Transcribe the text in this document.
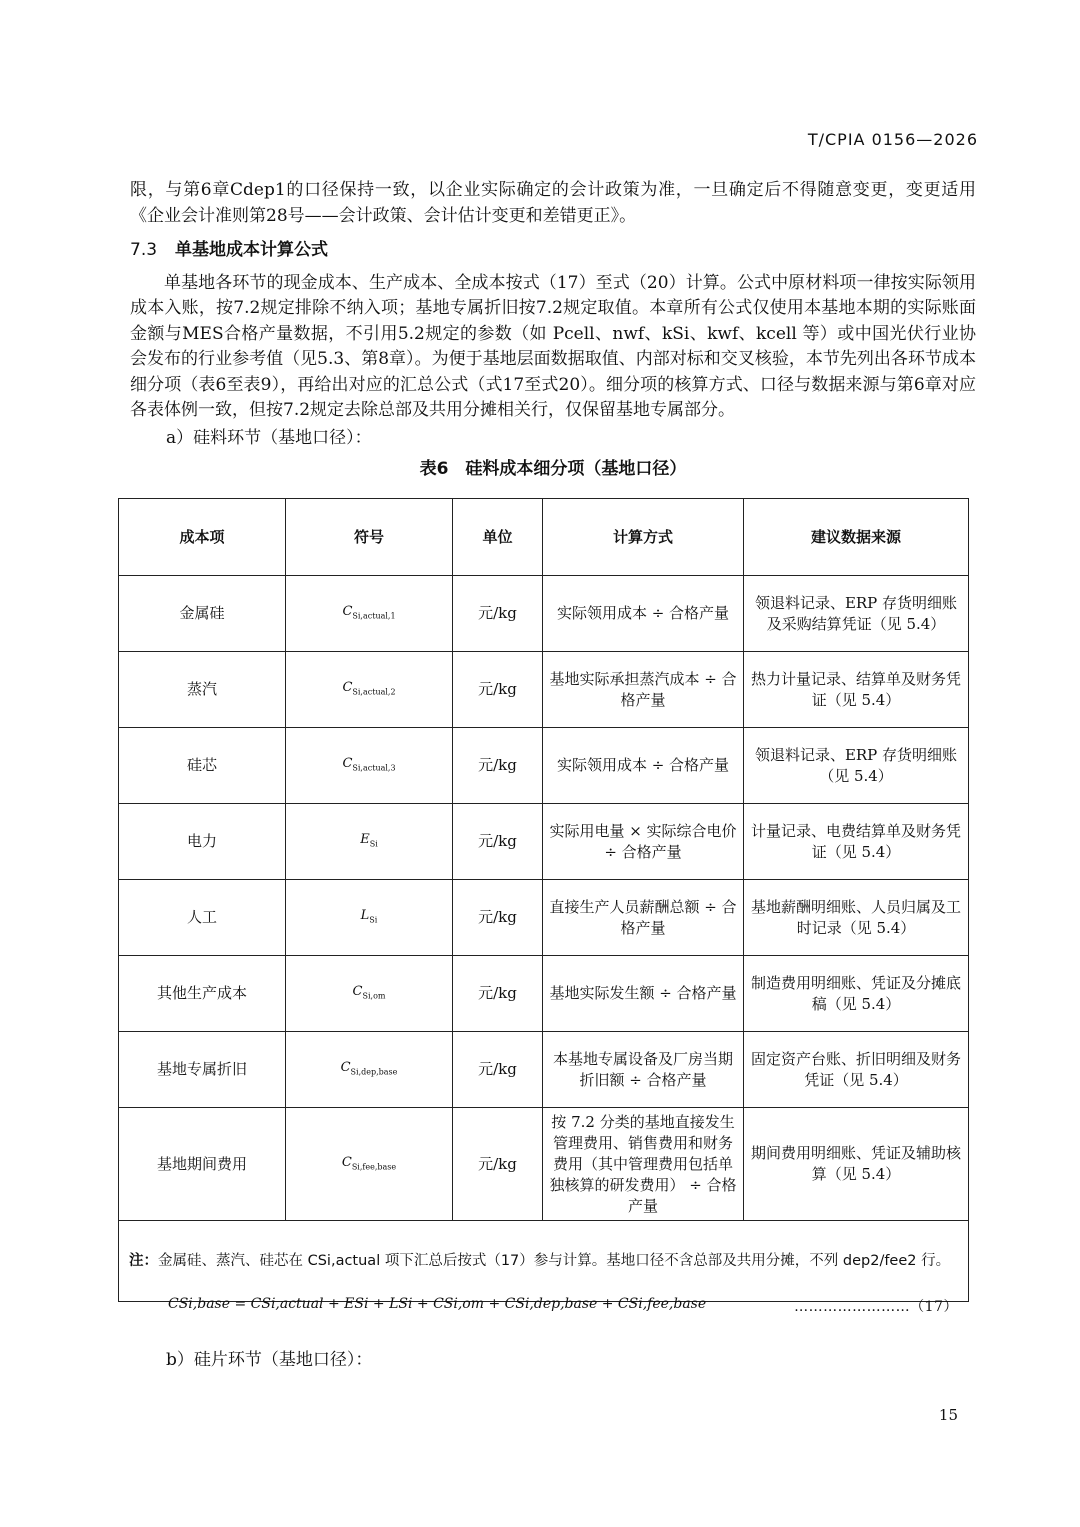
T/CPIA 0156—2026

限，与第6章Cdep1的口径保持一致，以企业实际确定的会计政策为准，一旦确定后不得随意变更，变更适用《企业会计准则第28号——会计政策、会计估计变更和差错更正》。

7.3 单基地成本计算公式

单基地各环节的现金成本、生产成本、全成本按式（17）至式（20）计算。公式中原材料项一律按实际领用成本入账，按7.2规定排除不纳入项；基地专属折旧按7.2规定取值。本章所有公式仅使用本基地本期的实际账面金额与MES合格产量数据，不引用5.2规定的参数（如 Pcell、nwf、kSi、kwf、kcell 等）或中国光伏行业协会发布的行业参考值（见5.3、第8章）。为便于基地层面数据取值、内部对标和交叉核验，本节先列出各环节成本细分项（表6至表9），再给出对应的汇总公式（式17至式20）。细分项的核算方式、口径与数据来源与第6章对应各表体例一致，但按7.2规定去除总部及共用分摊相关行，仅保留基地专属部分。

a）硅料环节（基地口径）：

表6　硅料成本细分项（基地口径）
成本项	符号	单位	计算方式	建议数据来源
金属硅	$C_{Si,actual,1}$	元/kg	实际领用成本 ÷ 合格产量	领退料记录、ERP 存货明细账及采购结算凭证（见 5.4）
蒸汽	$C_{Si,actual,2}$	元/kg	基地实际承担蒸汽成本 ÷ 合格产量	热力计量记录、结算单及财务凭证（见 5.4）
硅芯	$C_{Si,actual,3}$	元/kg	实际领用成本 ÷ 合格产量	领退料记录、ERP 存货明细账（见 5.4）
电力	$E_{Si}$	元/kg	实际用电量 × 实际综合电价 ÷ 合格产量	计量记录、电费结算单及财务凭证（见 5.4）
人工	$L_{Si}$	元/kg	直接生产人员薪酬总额 ÷ 合格产量	基地薪酬明细账、人员归属及工时记录（见 5.4）
其他生产成本	$C_{Si,om}$	元/kg	基地实际发生额 ÷ 合格产量	制造费用明细账、凭证及分摊底稿（见 5.4）
基地专属折旧	$C_{Si,dep,base}$	元/kg	本基地专属设备及厂房当期折旧额 ÷ 合格产量	固定资产台账、折旧明细及财务凭证（见 5.4）
基地期间费用	$C_{Si,fee,base}$	元/kg	按 7.2 分类的基地直接发生管理费用、销售费用和财务费用（其中管理费用包括单独核算的研发费用） ÷ 合格产量	期间费用明细账、凭证及辅助核算（见 5.4）
注：金属硅、蒸汽、硅芯在 CSi,actual 项下汇总后按式（17）参与计算。基地口径不含总部及共用分摊，不列 dep2/fee2 行。				
CSi,base = CSi,actual + ESi + LSi + CSi,om + CSi,dep,base + CSi,fee,base	……………………（17）
b）硅片环节（基地口径）：
15
